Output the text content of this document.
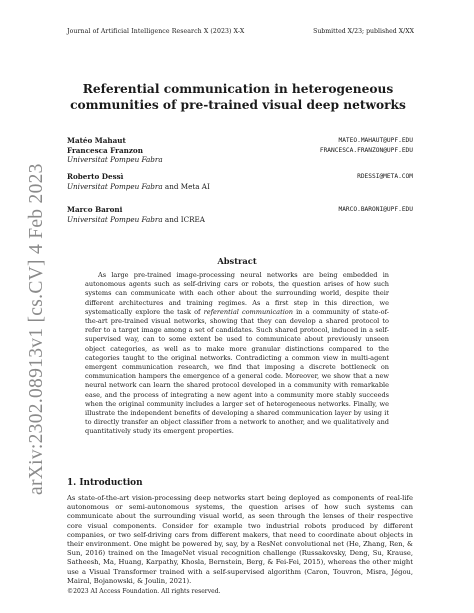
Journal of Artificial Intelligence Research X (2023) X-X	Submitted X/23; published X/XX
arXiv:2302.08913v1 [cs.CV] 4 Feb 2023
Referential communication in heterogeneous communities of pre-trained visual deep networks
Matéo Mahaut	MATEO.MAHAUT@UPF.EDU
Francesca Franzon	FRANCESCA.FRANZON@UPF.EDU
Universitat Pompeu Fabra
Roberto Dessì	RDESSI@META.COM
Universitat Pompeu Fabra and Meta AI
Marco Baroni	MARCO.BARONI@UPF.EDU
Universitat Pompeu Fabra and ICREA
Abstract

As large pre-trained image-processing neural networks are being embedded in autonomous agents such as self-driving cars or robots, the question arises of how such systems can communicate with each other about the surrounding world, despite their different architectures and training regimes. As a first step in this direction, we systematically explore the task of referential communication in a community of state-of-the-art pre-trained visual networks, showing that they can develop a shared protocol to refer to a target image among a set of candidates. Such shared protocol, induced in a self-supervised way, can to some extent be used to communicate about previously unseen object categories, as well as to make more granular distinctions compared to the categories taught to the original networks. Contradicting a common view in multi-agent emergent communication research, we find that imposing a discrete bottleneck on communication hampers the emergence of a general code. Moreover, we show that a new neural network can learn the shared protocol developed in a community with remarkable ease, and the process of integrating a new agent into a community more stably succeeds when the original community includes a larger set of heterogeneous networks. Finally, we illustrate the independent benefits of developing a shared communication layer by using it to directly transfer an object classifier from a network to another, and we qualitatively and quantitatively study its emergent properties.

1. Introduction

As state-of-the-art vision-processing deep networks start being deployed as components of real-life autonomous or semi-autonomous systems, the question arises of how such systems can communicate about the surrounding visual world, as seen through the lenses of their respective core visual components. Consider for example two industrial robots produced by different companies, or two self-driving cars from different makers, that need to coordinate about objects in their environment. One might be powered by, say, by a ResNet convolutional net (He, Zhang, Ren, & Sun, 2016) trained on the ImageNet visual recognition challenge (Russakovsky, Deng, Su, Krause, Satheesh, Ma, Huang, Karpathy, Khosla, Bernstein, Berg, & Fei-Fei, 2015), whereas the other might use a Visual Transformer trained with a self-supervised algorithm (Caron, Touvron, Misra, Jégou, Mairal, Bojanowski, & Joulin, 2021).

©2023 AI Access Foundation. All rights reserved.
